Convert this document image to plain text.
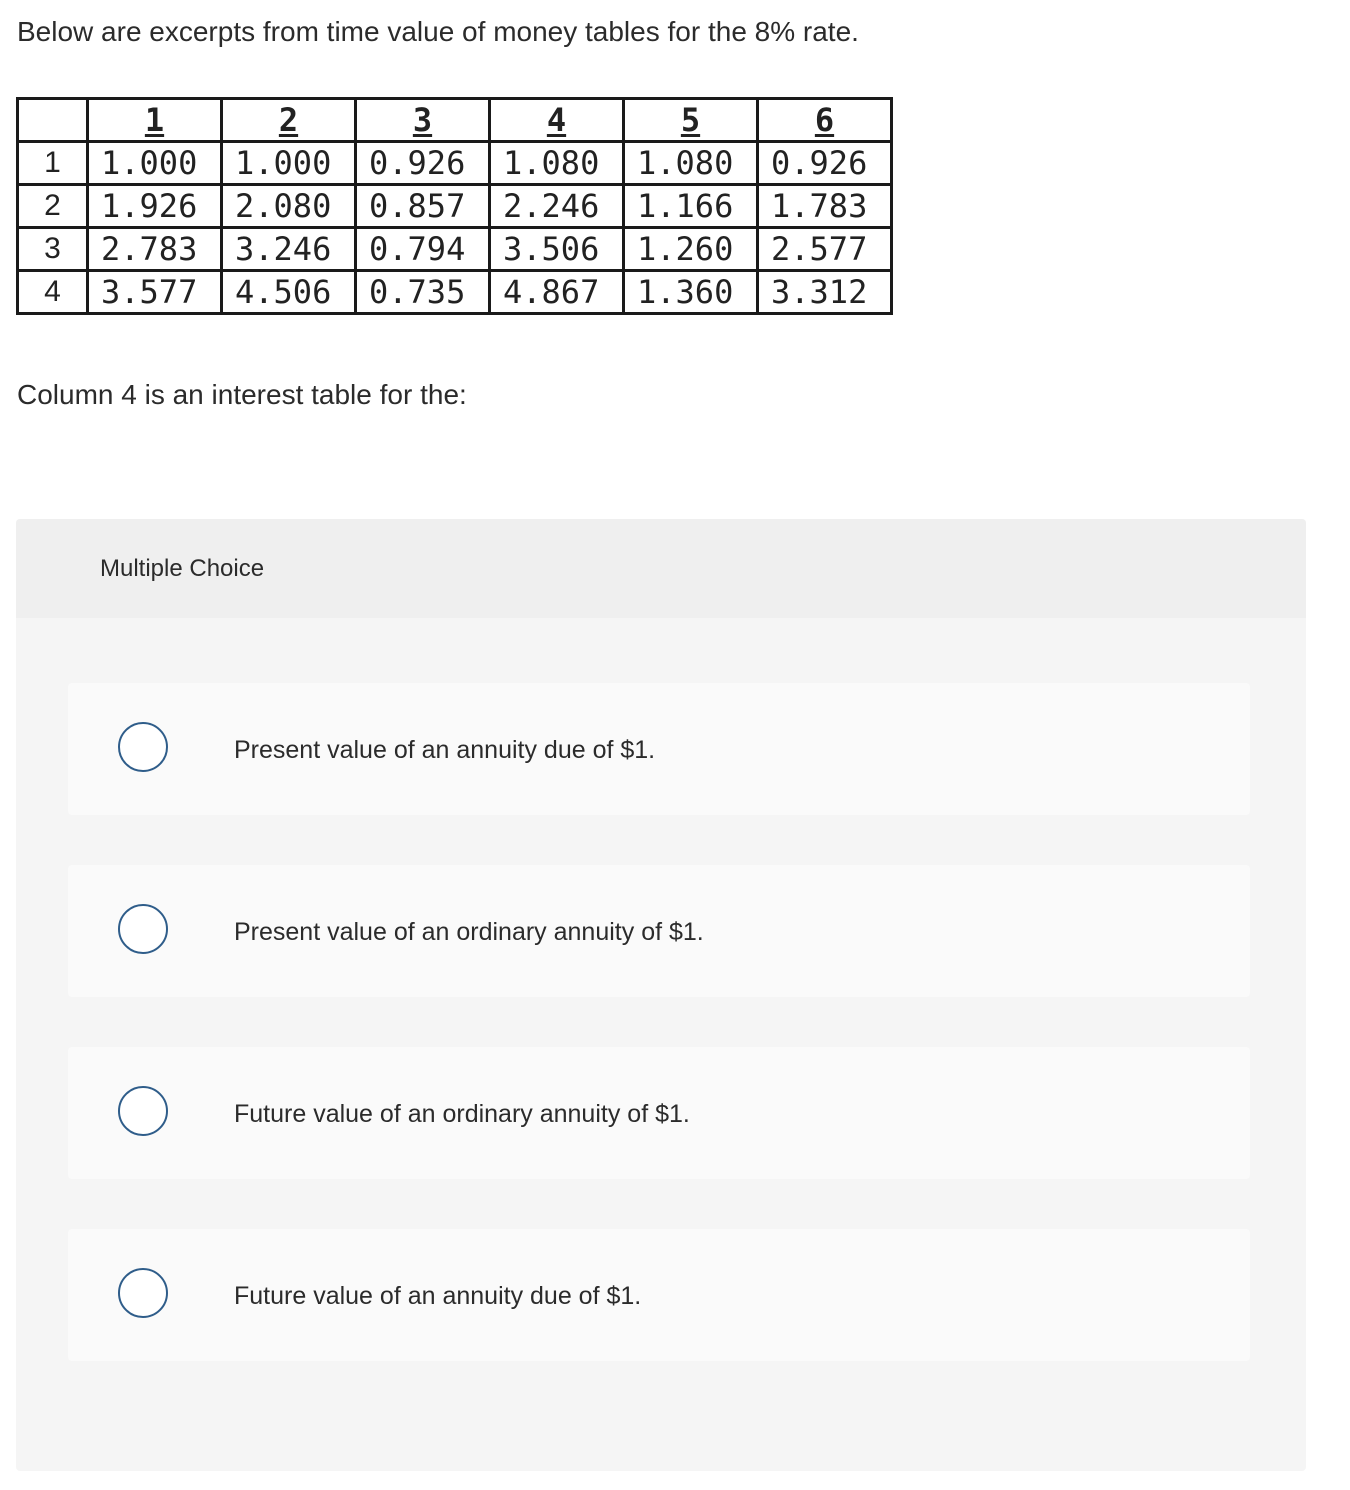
Below are excerpts from time value of money tables for the 8% rate.

	1	2	3	4	5	6
1	1.000	1.000	0.926	1.080	1.080	0.926
2	1.926	2.080	0.857	2.246	1.166	1.783
3	2.783	3.246	0.794	3.506	1.260	2.577
4	3.577	4.506	0.735	4.867	1.360	3.312

Column 4 is an interest table for the:

Multiple Choice
Present value of an annuity due of $1.
Present value of an ordinary annuity of $1.
Future value of an ordinary annuity of $1.
Future value of an annuity due of $1.
